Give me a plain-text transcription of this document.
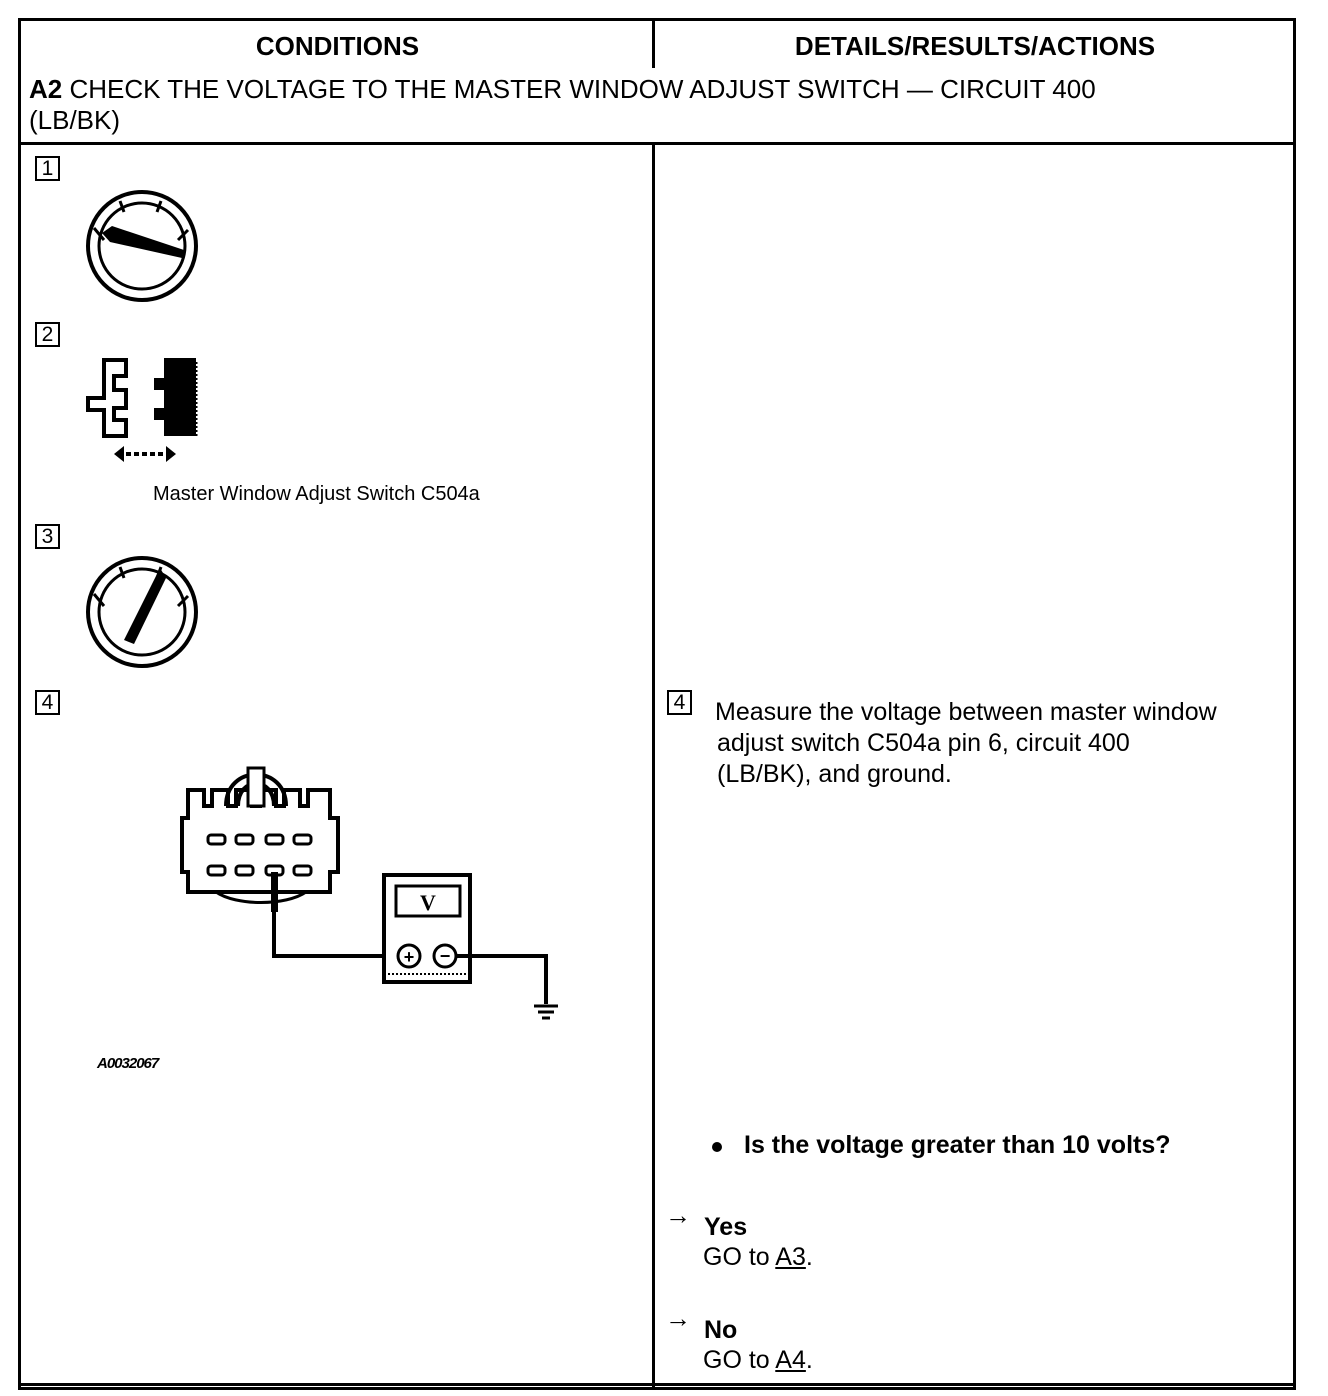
CONDITIONS	DETAILS/RESULTS/ACTIONS
A2 CHECK THE VOLTAGE TO THE MASTER WINDOW ADJUST SWITCH — CIRCUIT 400
(LB/BK)
1
2
Master Window Adjust Switch C504a
3
4
V
+ −
A0032067
4 Measure the voltage between master window
adjust switch C504a pin 6, circuit 400
(LB/BK), and ground.
Is the voltage greater than 10 volts?
→ Yes
GO to A3.
→ No
GO to A4.
